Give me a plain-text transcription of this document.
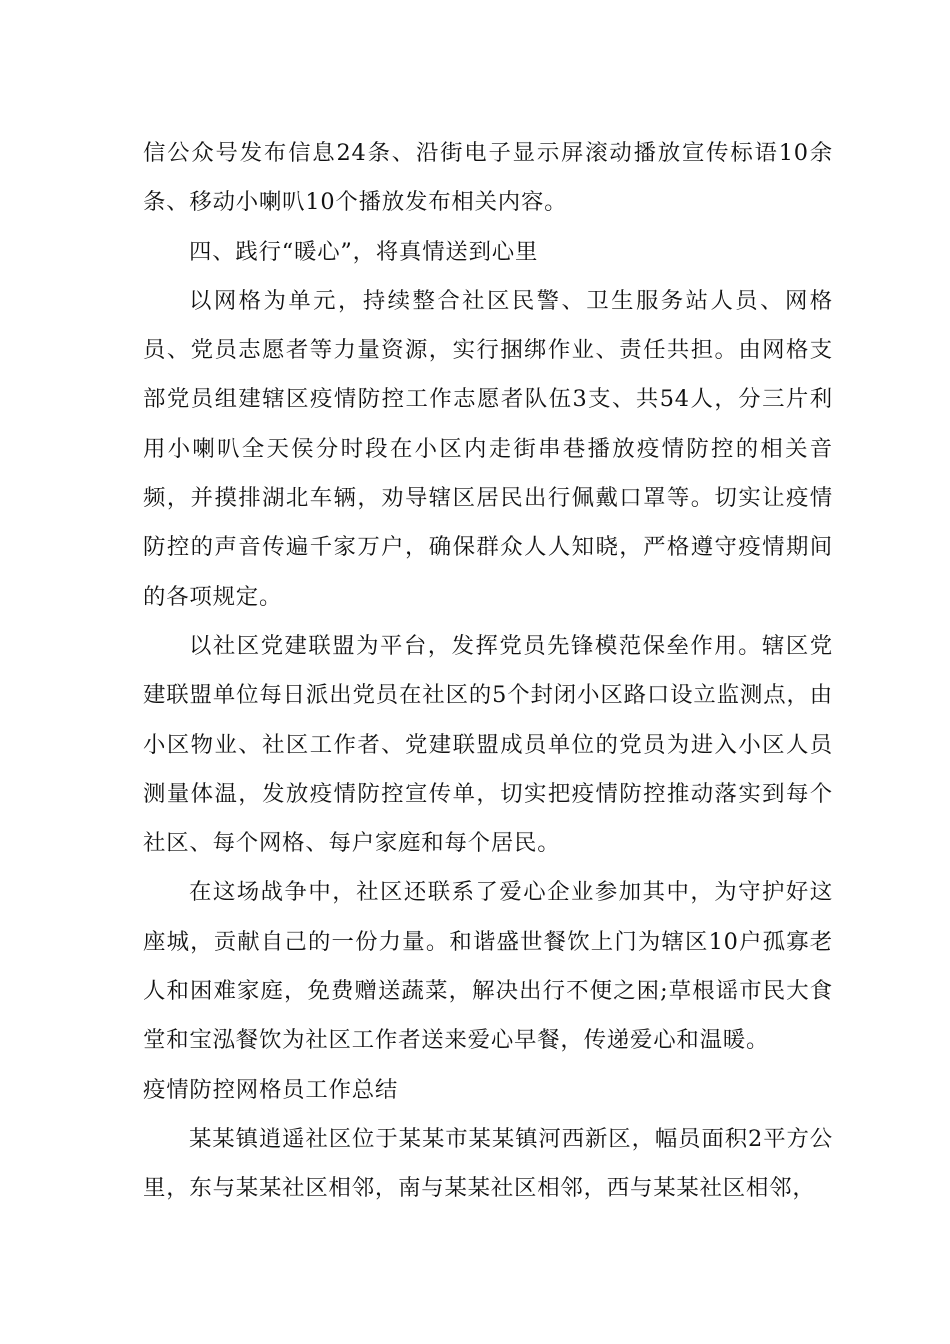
信公众号发布信息24条、沿街电子显示屏滚动播放宣传标语10余条、移动小喇叭10个播放发布相关内容。

四、践行“暖心”，将真情送到心里

以网格为单元，持续整合社区民警、卫生服务站人员、网格员、党员志愿者等力量资源，实行捆绑作业、责任共担。由网格支部党员组建辖区疫情防控工作志愿者队伍3支、共54人，分三片利用小喇叭全天侯分时段在小区内走街串巷播放疫情防控的相关音频，并摸排湖北车辆，劝导辖区居民出行佩戴口罩等。切实让疫情防控的声音传遍千家万户，确保群众人人知晓，严格遵守疫情期间的各项规定。

以社区党建联盟为平台，发挥党员先锋模范保垒作用。辖区党建联盟单位每日派出党员在社区的5个封闭小区路口设立监测点，由小区物业、社区工作者、党建联盟成员单位的党员为进入小区人员测量体温，发放疫情防控宣传单，切实把疫情防控推动落实到每个社区、每个网格、每户家庭和每个居民。

在这场战争中，社区还联系了爱心企业参加其中，为守护好这座城，贡献自己的一份力量。和谐盛世餐饮上门为辖区10户孤寡老人和困难家庭，免费赠送蔬菜，解决出行不便之困;草根谣市民大食堂和宝泓餐饮为社区工作者送来爱心早餐，传递爱心和温暖。

疫情防控网格员工作总结

某某镇逍遥社区位于某某市某某镇河西新区，幅员面积2平方公里，东与某某社区相邻，南与某某社区相邻，西与某某社区相邻，
